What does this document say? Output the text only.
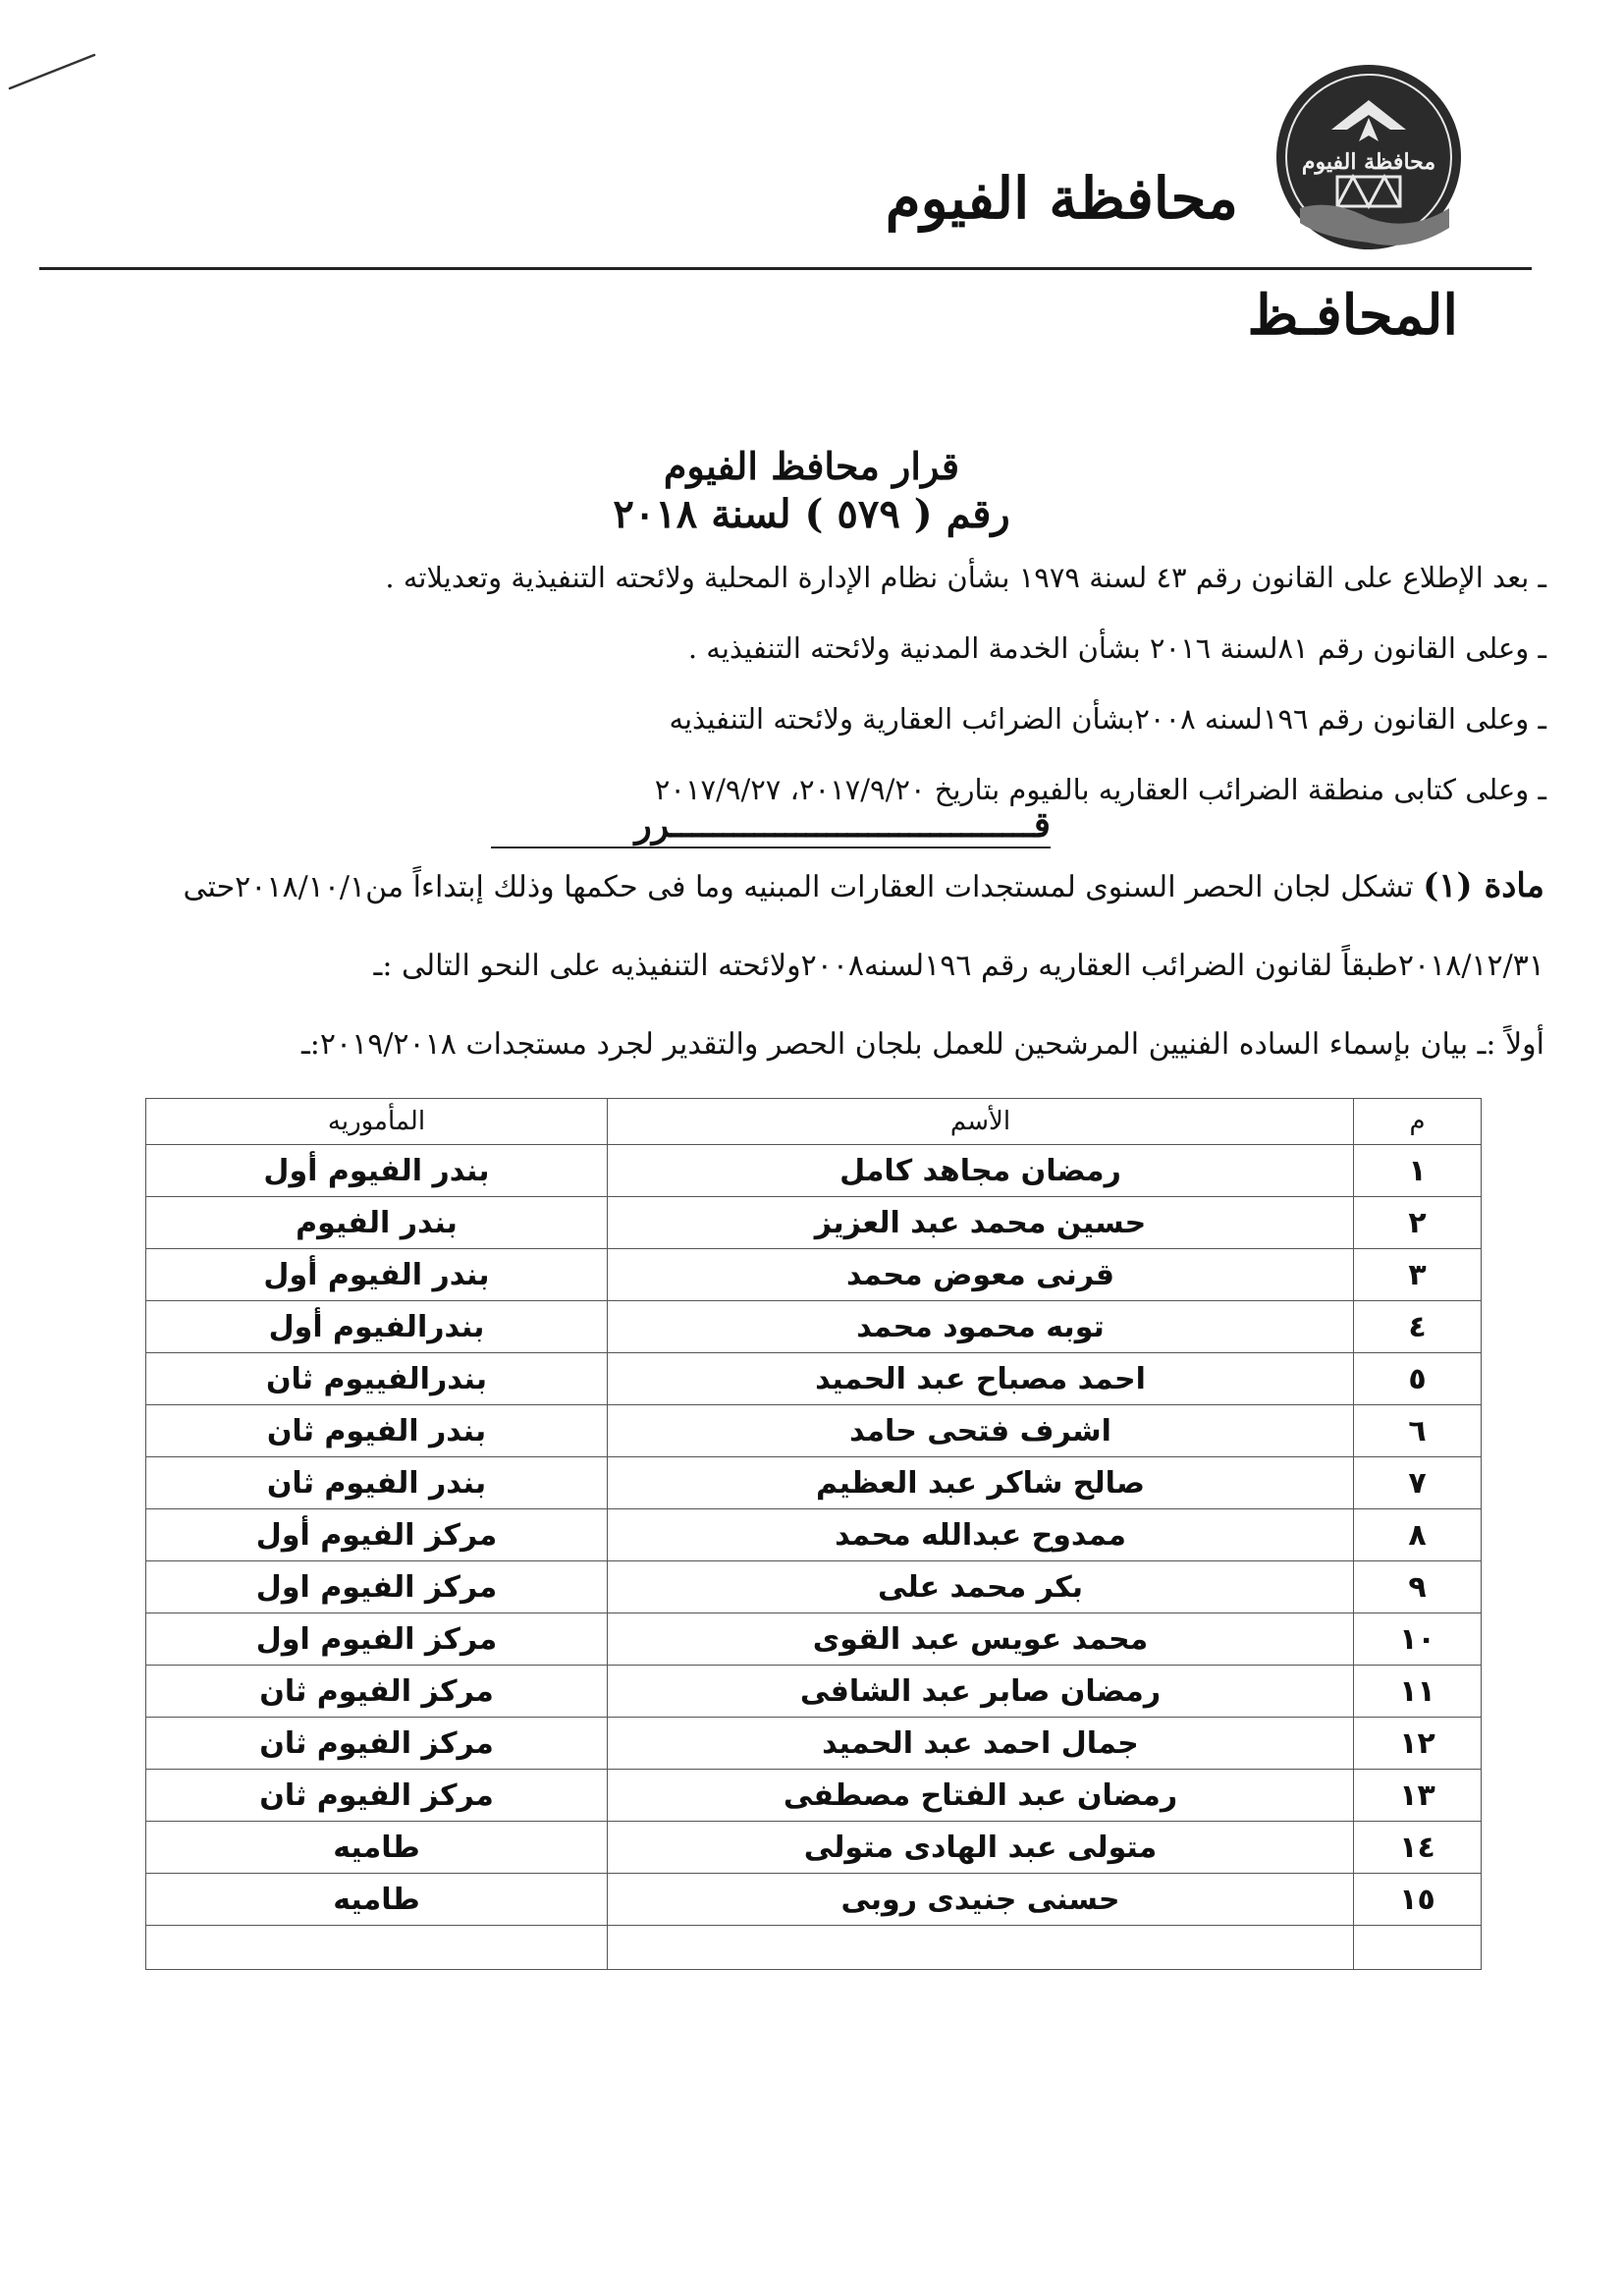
محافظة الفيوم
محافظة الفيوم
المحافـظ
قرار محافظ الفيوم
رقم ( ٥٧٩ ) لسنة ٢٠١٨
ـ بعد الإطلاع على القانون رقم ٤٣ لسنة ١٩٧٩ بشأن نظام الإدارة المحلية ولائحته التنفيذية وتعديلاته .
ـ وعلى القانون رقم ٨١لسنة ٢٠١٦ بشأن الخدمة المدنية ولائحته التنفيذيه .
ـ وعلى القانون رقم ١٩٦لسنه ٢٠٠٨بشأن الضرائب العقارية ولائحته التنفيذيه
ـ وعلى كتابى منطقة الضرائب العقاريه بالفيوم بتاريخ ٢٠١٧/٩/٢٠، ٢٠١٧/٩/٢٧
قـــــــــــــــــــــــــــــــــــرر
مادة (١) تشكل لجان الحصر السنوى لمستجدات العقارات المبنيه وما فى حكمها وذلك إبتداءاً من٢٠١٨/١٠/١حتى
٢٠١٨/١٢/٣١طبقاً لقانون الضرائب العقاريه رقم ١٩٦لسنه٢٠٠٨ولائحته التنفيذيه على النحو التالى :ـ
أولاً :ـ بيان بإسماء الساده الفنيين المرشحين للعمل بلجان الحصر والتقدير لجرد مستجدات ٢٠١٩/٢٠١٨:ـ
م	الأسم	المأموريه
١	رمضان مجاهد كامل	بندر الفيوم أول
٢	حسين محمد عبد العزيز	بندر الفيوم
٣	قرنى معوض محمد	بندر الفيوم أول
٤	توبه محمود محمد	بندرالفيوم أول
٥	احمد مصباح عبد الحميد	بندرالفييوم ثان
٦	اشرف فتحى حامد	بندر الفيوم ثان
٧	صالح شاكر عبد العظيم	بندر الفيوم ثان
٨	ممدوح عبدالله محمد	مركز الفيوم أول
٩	بكر محمد على	مركز الفيوم اول
١٠	محمد عويس عبد القوى	مركز الفيوم اول
١١	رمضان صابر عبد الشافى	مركز الفيوم ثان
١٢	جمال احمد عبد الحميد	مركز الفيوم ثان
١٣	رمضان عبد الفتاح مصطفى	مركز الفيوم ثان
١٤	متولى عبد الهادى متولى	طاميه
١٥	حسنى جنيدى روبى	طاميه
